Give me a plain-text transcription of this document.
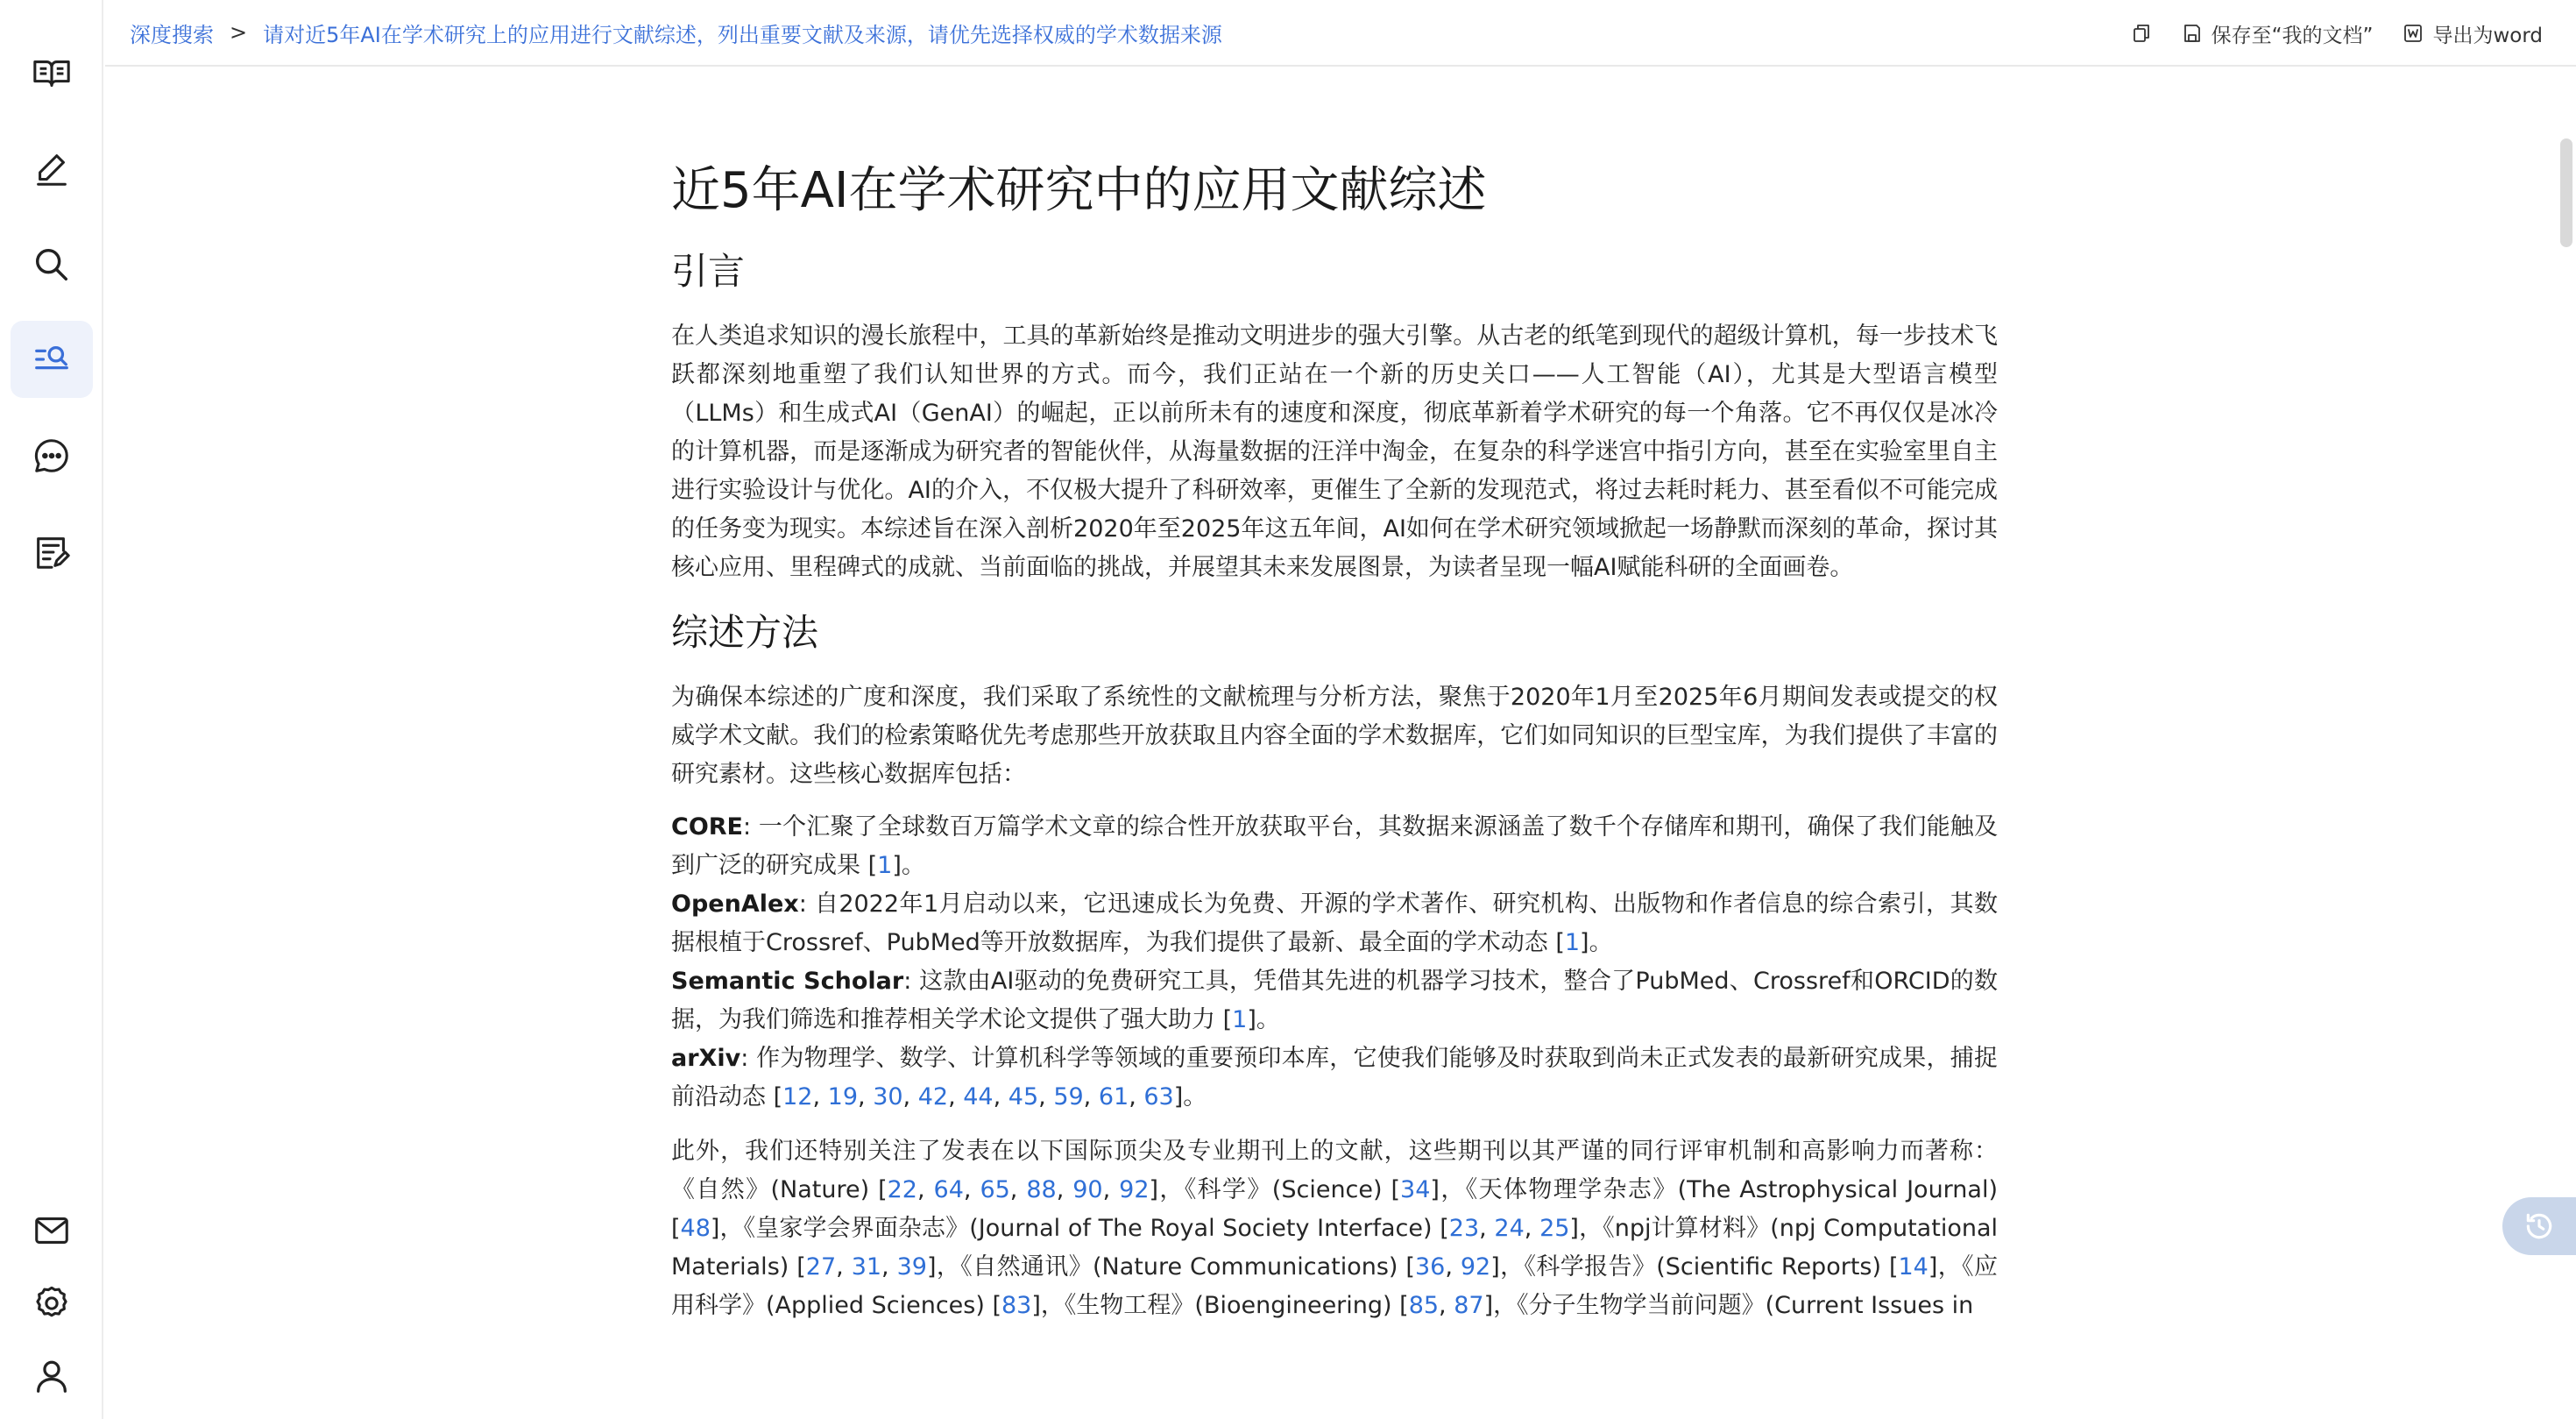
深度搜索 > 请对近5年AI在学术研究上的应用进行文献综述，列出重要文献及来源，请优先选择权威的学术数据来源	保存至“我的文档”	导出为word
近5年AI在学术研究中的应用文献综述
引言

在人类追求知识的漫长旅程中，工具的革新始终是推动文明进步的强大引擎。从古老的纸笔到现代的超级计算机，每一步技术飞跃都深刻地重塑了我们认知世界的方式。而今，我们正站在一个新的历史关口——人工智能（AI），尤其是大型语言模型（LLMs）和生成式AI（GenAI）的崛起，正以前所未有的速度和深度，彻底革新着学术研究的每一个角落。它不再仅仅是冰冷的计算机器，而是逐渐成为研究者的智能伙伴，从海量数据的汪洋中淘金，在复杂的科学迷宫中指引方向，甚至在实验室里自主进行实验设计与优化。AI的介入，不仅极大提升了科研效率，更催生了全新的发现范式，将过去耗时耗力、甚至看似不可能完成的任务变为现实。本综述旨在深入剖析2020年至2025年这五年间，AI如何在学术研究领域掀起一场静默而深刻的革命，探讨其核心应用、里程碑式的成就、当前面临的挑战，并展望其未来发展图景，为读者呈现一幅AI赋能科研的全面画卷。

综述方法

为确保本综述的广度和深度，我们采取了系统性的文献梳理与分析方法，聚焦于2020年1月至2025年6月期间发表或提交的权威学术文献。我们的检索策略优先考虑那些开放获取且内容全面的学术数据库，它们如同知识的巨型宝库，为我们提供了丰富的研究素材。这些核心数据库包括：

CORE: 一个汇聚了全球数百万篇学术文章的综合性开放获取平台，其数据来源涵盖了数千个存储库和期刊，确保了我们能触及到广泛的研究成果 [1]。

OpenAlex: 自2022年1月启动以来，它迅速成长为免费、开源的学术著作、研究机构、出版物和作者信息的综合索引，其数据根植于Crossref、PubMed等开放数据库，为我们提供了最新、最全面的学术动态 [1]。

Semantic Scholar: 这款由AI驱动的免费研究工具，凭借其先进的机器学习技术，整合了PubMed、Crossref和ORCID的数据，为我们筛选和推荐相关学术论文提供了强大助力 [1]。

arXiv: 作为物理学、数学、计算机科学等领域的重要预印本库，它使我们能够及时获取到尚未正式发表的最新研究成果，捕捉前沿动态 [12, 19, 30, 42, 44, 45, 59, 61, 63]。

此外，我们还特别关注了发表在以下国际顶尖及专业期刊上的文献，这些期刊以其严谨的同行评审机制和高影响力而著称： 《自然》(Nature) [22, 64, 65, 88, 90, 92]，《科学》(Science) [34]，《天体物理学杂志》(The Astrophysical Journal) [48]，《皇家学会界面杂志》(Journal of The Royal Society Interface) [23, 24, 25]，《npj计算材料》(npj Computational Materials) [27, 31, 39]，《自然通讯》(Nature Communications) [36, 92]，《科学报告》(Scientific Reports) [14]，《应用科学》(Applied Sciences) [83]，《生物工程》(Bioengineering) [85, 87]，《分子生物学当前问题》(Current Issues in
